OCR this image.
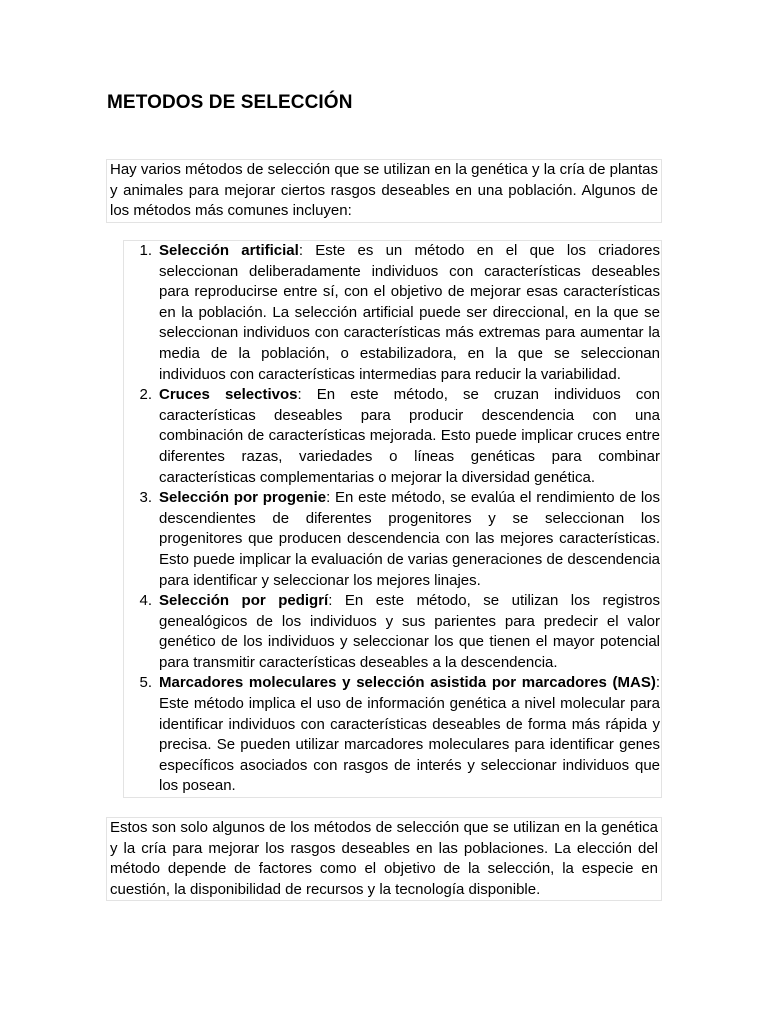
METODOS DE SELECCIÓN

Hay varios métodos de selección que se utilizan en la genética y la cría de plantas y animales para mejorar ciertos rasgos deseables en una población. Algunos de los métodos más comunes incluyen:

1 . Selección artificial: Este es un método en el que los criadores seleccionan deliberadamente individuos con características deseables para reproducirse entre sí, con el objetivo de mejorar esas características en la población. La selección artificial puede ser direccional, en la que se seleccionan individuos con características más extremas para aumentar la media de la población, o estabilizadora, en la que se seleccionan individuos con características intermedias para reducir la variabilidad.
2 . Cruces selectivos: En este método, se cruzan individuos con características deseables para producir descendencia con una combinación de características mejorada. Esto puede implicar cruces entre diferentes razas, variedades o líneas genéticas para combinar características complementarias o mejorar la diversidad genética.
3 . Selección por progenie: En este método, se evalúa el rendimiento de los descendientes de diferentes progenitores y se seleccionan los progenitores que producen descendencia con las mejores características. Esto puede implicar la evaluación de varias generaciones de descendencia para identificar y seleccionar los mejores linajes.
4 . Selección por pedigrí: En este método, se utilizan los registros genealógicos de los individuos y sus parientes para predecir el valor genético de los individuos y seleccionar los que tienen el mayor potencial para transmitir características deseables a la descendencia.
5 . Marcadores moleculares y selección asistida por marcadores (MAS): Este método implica el uso de información genética a nivel molecular para identificar individuos con características deseables de forma más rápida y precisa. Se pueden utilizar marcadores moleculares para identificar genes específicos asociados con rasgos de interés y seleccionar individuos que los posean.

Estos son solo algunos de los métodos de selección que se utilizan en la genética y la cría para mejorar los rasgos deseables en las poblaciones. La elección del método depende de factores como el objetivo de la selección, la especie en cuestión, la disponibilidad de recursos y la tecnología disponible.
